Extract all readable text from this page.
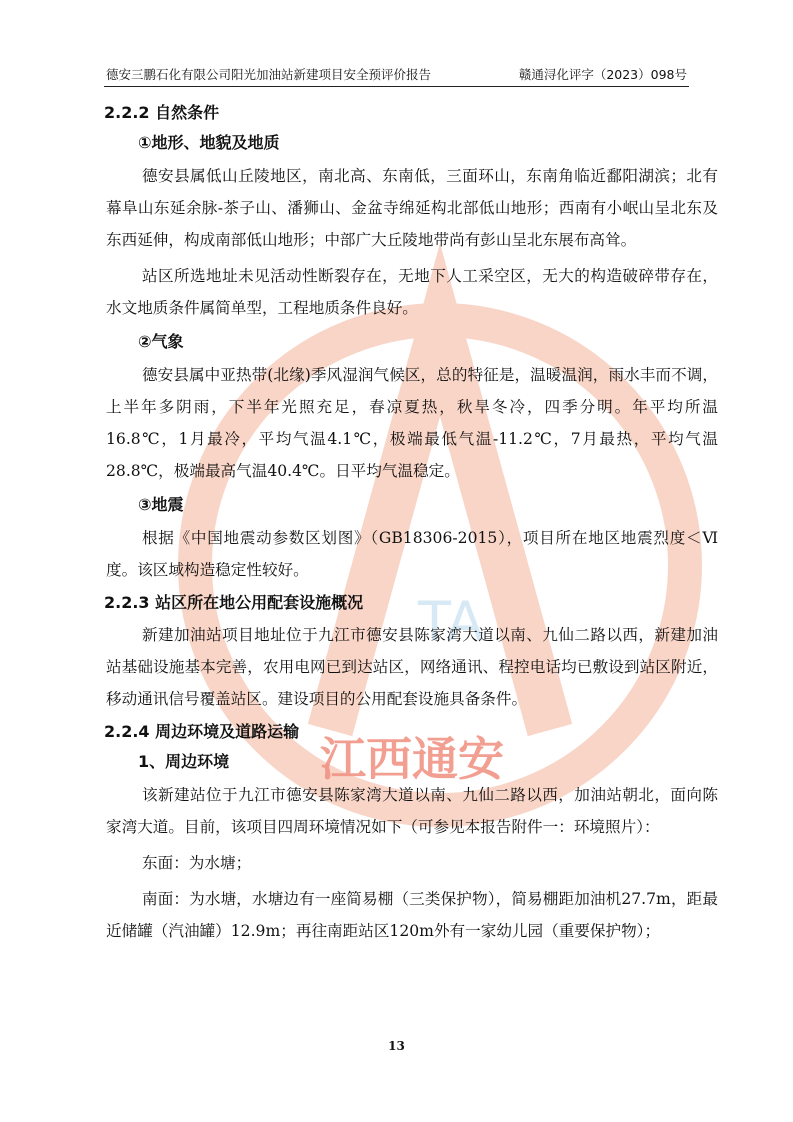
TA
江西通安
德安三鹏石化有限公司阳光加油站新建项目安全预评价报告	赣通浔化评字（2023）098号
2.2.2 自然条件
①地形、地貌及地质

德安县属低山丘陵地区，南北高、东南低，三面环山，东南角临近鄱阳湖滨；北有幕阜山东延余脉-茶子山、潘狮山、金盆寺绵延构北部低山地形；西南有小岷山呈北东及东西延伸，构成南部低山地形；中部广大丘陵地带尚有彭山呈北东展布高耸。

站区所选地址未见活动性断裂存在，无地下人工采空区，无大的构造破碎带存在，水文地质条件属简单型，工程地质条件良好。

②气象

德安县属中亚热带(北缘)季风湿润气候区，总的特征是，温暖温润，雨水丰而不调，上半年多阴雨，下半年光照充足，春凉夏热，秋旱冬冷，四季分明。年平均所温16.8℃，1月最冷，平均气温4.1℃，极端最低气温-11.2℃，7月最热，平均气温28.8℃，极端最高气温40.4℃。日平均气温稳定。

③地震

根据《中国地震动参数区划图》（GB18306-2015），项目所在地区地震烈度＜Ⅵ度。该区域构造稳定性较好。

2.2.3 站区所在地公用配套设施概况

新建加油站项目地址位于九江市德安县陈家湾大道以南、九仙二路以西，新建加油站基础设施基本完善，农用电网已到达站区，网络通讯、程控电话均已敷设到站区附近，移动通讯信号覆盖站区。建设项目的公用配套设施具备条件。

2.2.4 周边环境及道路运输
1、周边环境

该新建站位于九江市德安县陈家湾大道以南、九仙二路以西，加油站朝北，面向陈家湾大道。目前，该项目四周环境情况如下（可参见本报告附件一：环境照片）：

东面：为水塘；

南面：为水塘，水塘边有一座简易棚（三类保护物），简易棚距加油机27.7m，距最近储罐（汽油罐）12.9m；再往南距站区120m外有一家幼儿园（重要保护物）；

13
